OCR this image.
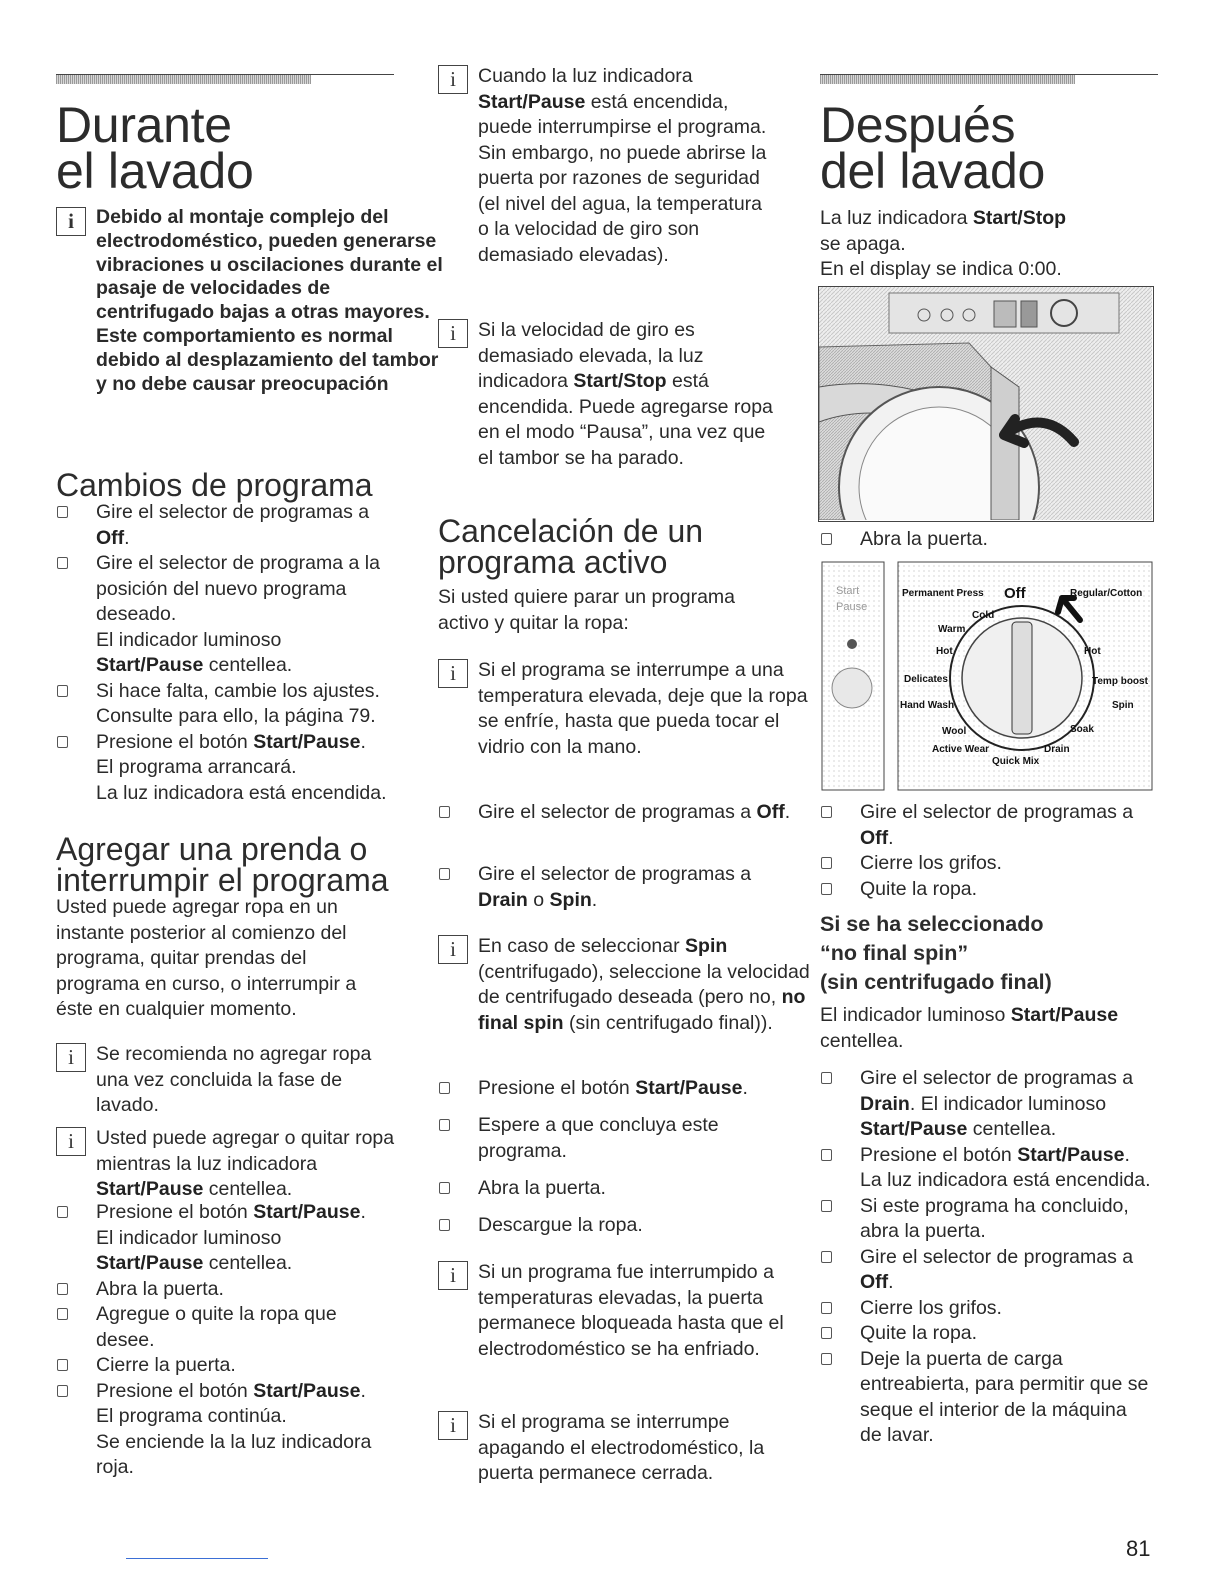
Durante
el lavado
i	Debido al montaje complejo del electrodoméstico, pueden generarse vibraciones u oscilaciones durante el pasaje de velocidades de centrifugado bajas a otras mayores. Este comportamiento es normal debido al desplazamiento del tambor y no debe causar preocupación
Cambios de programa
Gire el selector de programas a Off.
Gire el selector de programa a la posición del nuevo programa deseado.
El indicador luminoso
Start/Pause centellea.
Si hace falta, cambie los ajustes. Consulte para ello, la página 79.
Presione el botón Start/Pause.
El programa arrancará.
La luz indicadora está encendida.
Agregar una prenda o
interrumpir el programa

Usted puede agregar ropa en un instante posterior al comienzo del programa, quitar prendas del programa en curso, o interrumpir a éste en cualquier momento.

i	Se recomienda no agregar ropa una vez concluida la fase de lavado.
i	Usted puede agregar o quitar ropa mientras la luz indicadora Start/Pause centellea.
Presione el botón Start/Pause.
El indicador luminoso
Start/Pause centellea.
Abra la puerta.
Agregue o quite la ropa que desee.
Cierre la puerta.
Presione el botón Start/Pause.
El programa continúa.
Se enciende la la luz indicadora roja.
i	Cuando la luz indicadora Start/Pause está encendida, puede interrumpirse el programa. Sin embargo, no puede abrirse la puerta por razones de seguridad (el nivel del agua, la temperatura o la velocidad de giro son demasiado elevadas).
i	Si la velocidad de giro es demasiado elevada, la luz indicadora Start/Stop está encendida. Puede agregarse ropa en el modo “Pausa”, una vez que el tambor se ha parado.
Cancelación de un
programa activo

Si usted quiere parar un programa activo y quitar la ropa:

i	Si el programa se interrumpe a una temperatura elevada, deje que la ropa se enfríe, hasta que pueda tocar el vidrio con la mano.
Gire el selector de programas a Off.
Gire el selector de programas a Drain o Spin.
i	En caso de seleccionar Spin (centrifugado), seleccione la velocidad de centrifugado deseada (pero no, no final spin (sin centrifugado final)).
Presione el botón Start/Pause.
Espere a que concluya este programa.
Abra la puerta.
Descargue la ropa.
i	Si un programa fue interrumpido a temperaturas elevadas, la puerta permanece bloqueada hasta que el electrodoméstico se ha enfriado.
i	Si el programa se interrumpe apagando el electrodoméstico, la puerta permanece cerrada.
Después
del lavado

La luz indicadora Start/Stop
se apaga.
En el display se indica 0:00.

Abra la puerta.
Start
Pause
Permanent Press Off	Regular/Cotton
Cold
Warm
Hot	Hot
Delicates	Temp boost
Hand Wash	Spin
Wool	Soak
Active Wear	Drain
Quick Mix
Gire el selector de programas a Off.
Cierre los grifos.
Quite la ropa.
Si se ha seleccionado
“no final spin”
(sin centrifugado final)

El indicador luminoso Start/Pause
centellea.

Gire el selector de programas a Drain. El indicador luminoso
Start/Pause centellea.
Presione el botón Start/Pause.
La luz indicadora está encendida.
Si este programa ha concluido, abra la puerta.
Gire el selector de programas a Off.
Cierre los grifos.
Quite la ropa.
Deje la puerta de carga entreabierta, para permitir que se seque el interior de la máquina de lavar.
81
